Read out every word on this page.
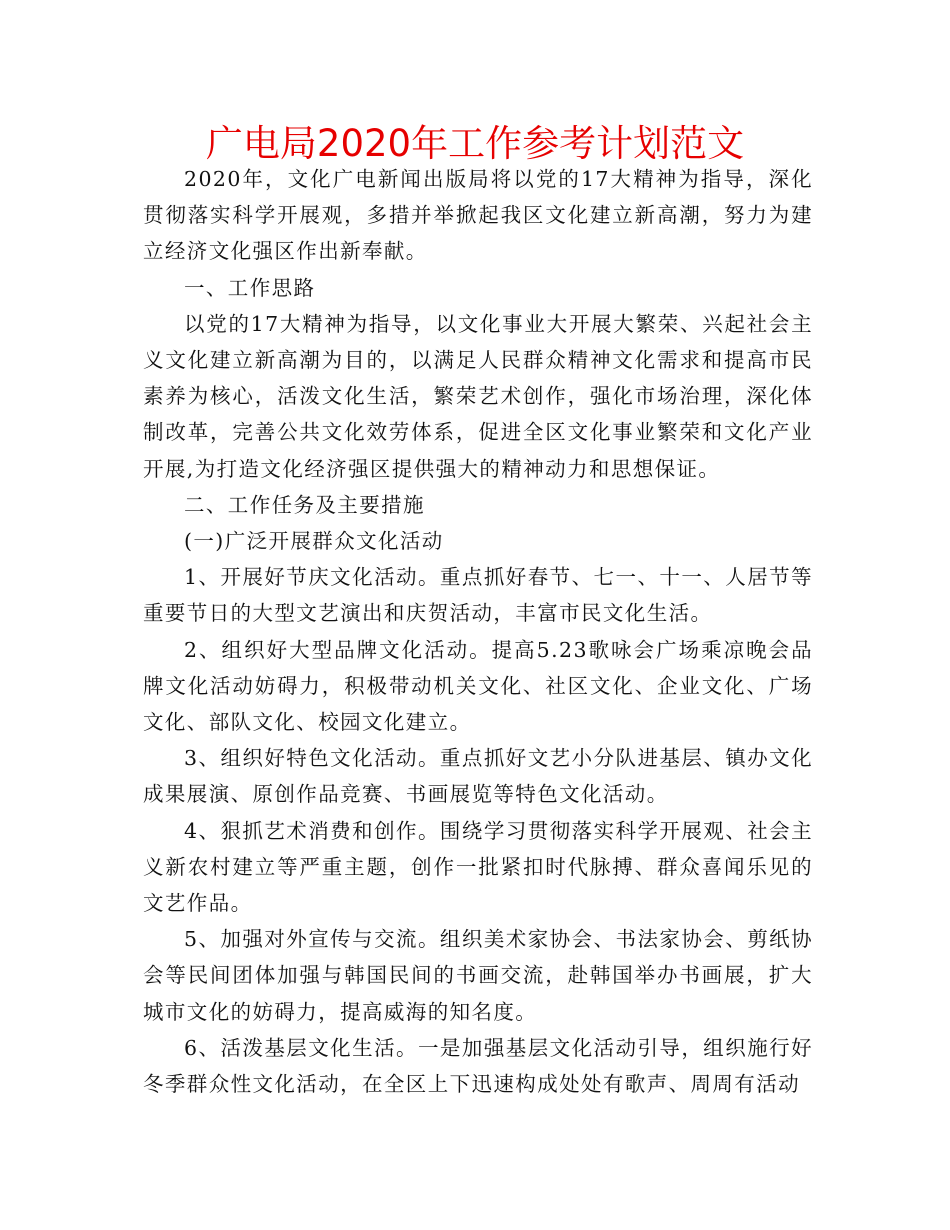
广电局2020年工作参考计划范文

2020年，文化广电新闻出版局将以党的17大精神为指导，深化贯彻落实科学开展观，多措并举掀起我区文化建立新高潮，努力为建立经济文化强区作出新奉献。

一、工作思路

以党的17大精神为指导，以文化事业大开展大繁荣、兴起社会主义文化建立新高潮为目的，以满足人民群众精神文化需求和提高市民素养为核心，活泼文化生活，繁荣艺术创作，强化市场治理，深化体制改革，完善公共文化效劳体系，促进全区文化事业繁荣和文化产业开展,为打造文化经济强区提供强大的精神动力和思想保证。

二、工作任务及主要措施

(一)广泛开展群众文化活动

1、开展好节庆文化活动。重点抓好春节、七一、十一、人居节等重要节日的大型文艺演出和庆贺活动，丰富市民文化生活。

2、组织好大型品牌文化活动。提高5.23歌咏会广场乘凉晚会品牌文化活动妨碍力，积极带动机关文化、社区文化、企业文化、广场文化、部队文化、校园文化建立。

3、组织好特色文化活动。重点抓好文艺小分队进基层、镇办文化成果展演、原创作品竞赛、书画展览等特色文化活动。

4、狠抓艺术消费和创作。围绕学习贯彻落实科学开展观、社会主义新农村建立等严重主题，创作一批紧扣时代脉搏、群众喜闻乐见的文艺作品。

5、加强对外宣传与交流。组织美术家协会、书法家协会、剪纸协会等民间团体加强与韩国民间的书画交流，赴韩国举办书画展，扩大城市文化的妨碍力，提高威海的知名度。

6、活泼基层文化生活。一是加强基层文化活动引导，组织施行好冬季群众性文化活动，在全区上下迅速构成处处有歌声、周周有活动
